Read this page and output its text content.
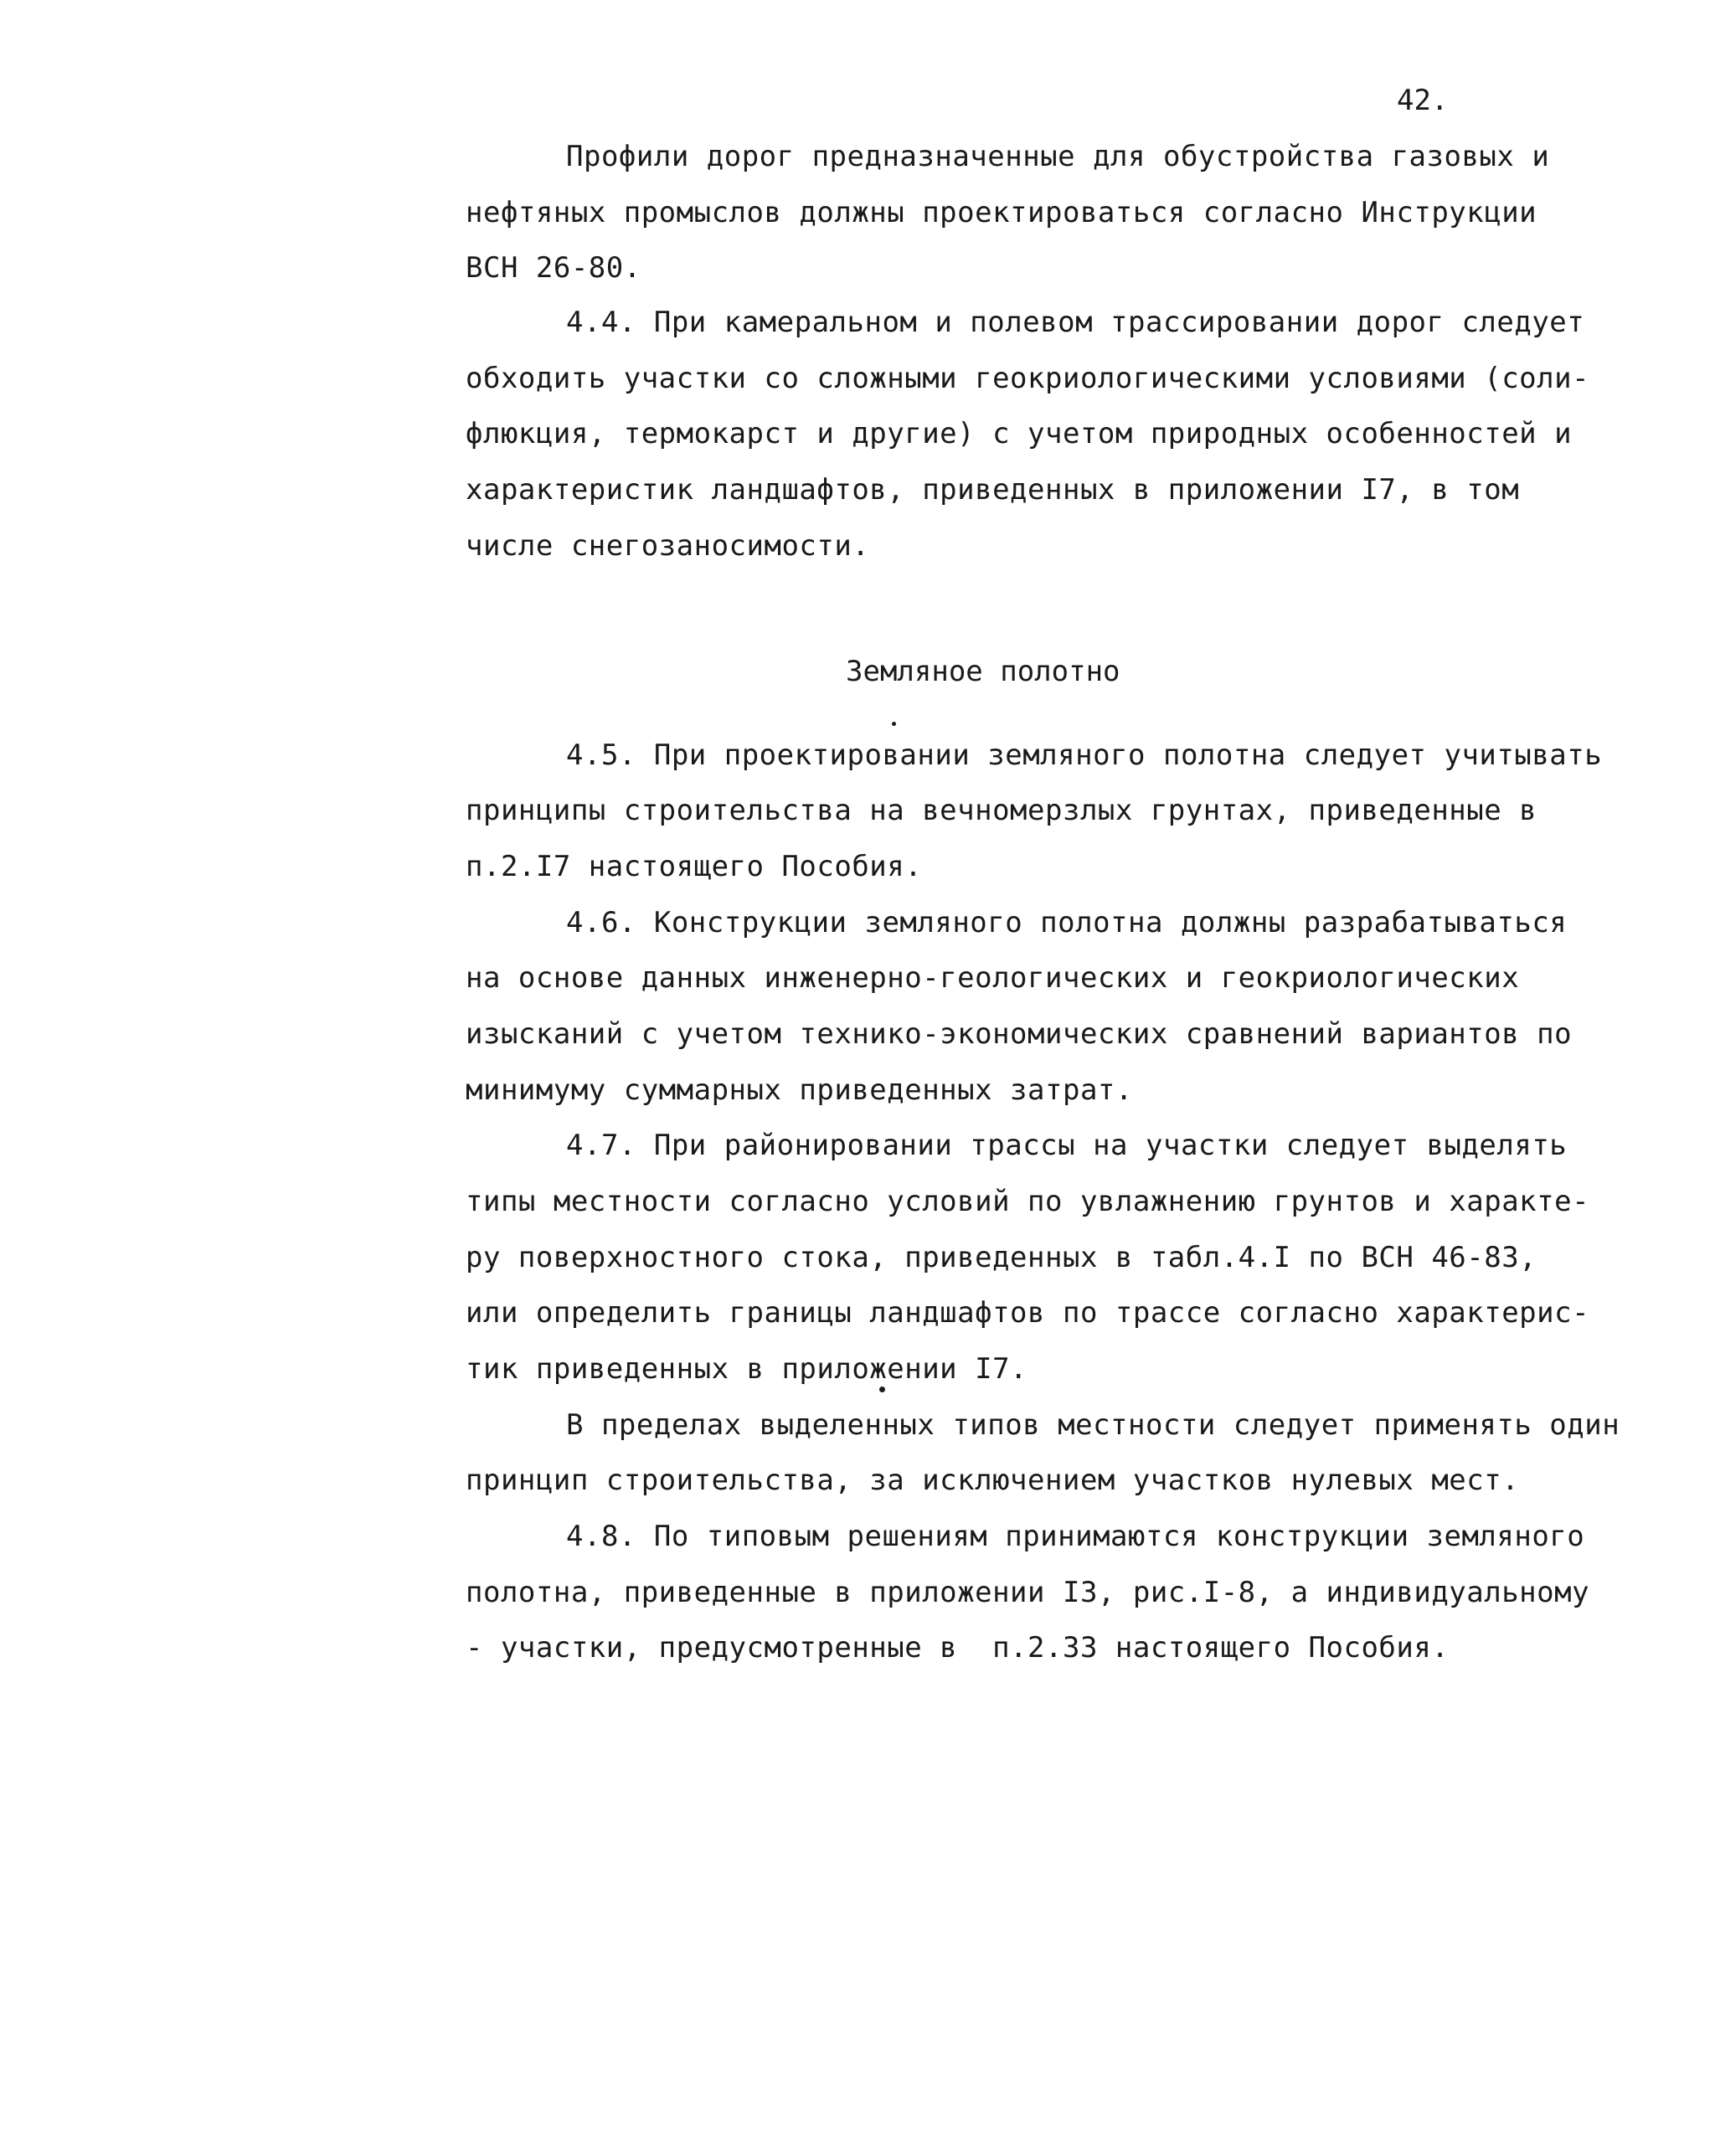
42.
Профили дорог предназначенные для обустройства газовых и
нефтяных промыслов должны проектироваться согласно Инструкции
ВСН 26-80.
4.4. При камеральном и полевом трассировании дорог следует
обходить участки со сложными геокриологическими условиями (соли-
флюкция, термокарст и другие) с учетом природных особенностей и
характеристик ландшафтов, приведенных в приложении I7, в том
числе снегозаносимости.
Земляное полотно
4.5. При проектировании земляного полотна следует учитывать
принципы строительства на вечномерзлых грунтах, приведенные в
п.2.I7 настоящего Пособия.
4.6. Конструкции земляного полотна должны разрабатываться
на основе данных инженерно-геологических и геокриологических
изысканий с учетом технико-экономических сравнений вариантов по
минимуму суммарных приведенных затрат.
4.7. При районировании трассы на участки следует выделять
типы местности согласно условий по увлажнению грунтов и характе-
ру поверхностного стока, приведенных в табл.4.I по ВСН 46-83,
или определить границы ландшафтов по трассе согласно характерис-
тик приведенных в приложении I7.
В пределах выделенных типов местности следует применять один
принцип строительства, за исключением участков нулевых мест.
4.8. По типовым решениям принимаются конструкции земляного
полотна, приведенные в приложении I3, рис.I-8, а индивидуальному
- участки, предусмотренные в  п.2.33 настоящего Пособия.
